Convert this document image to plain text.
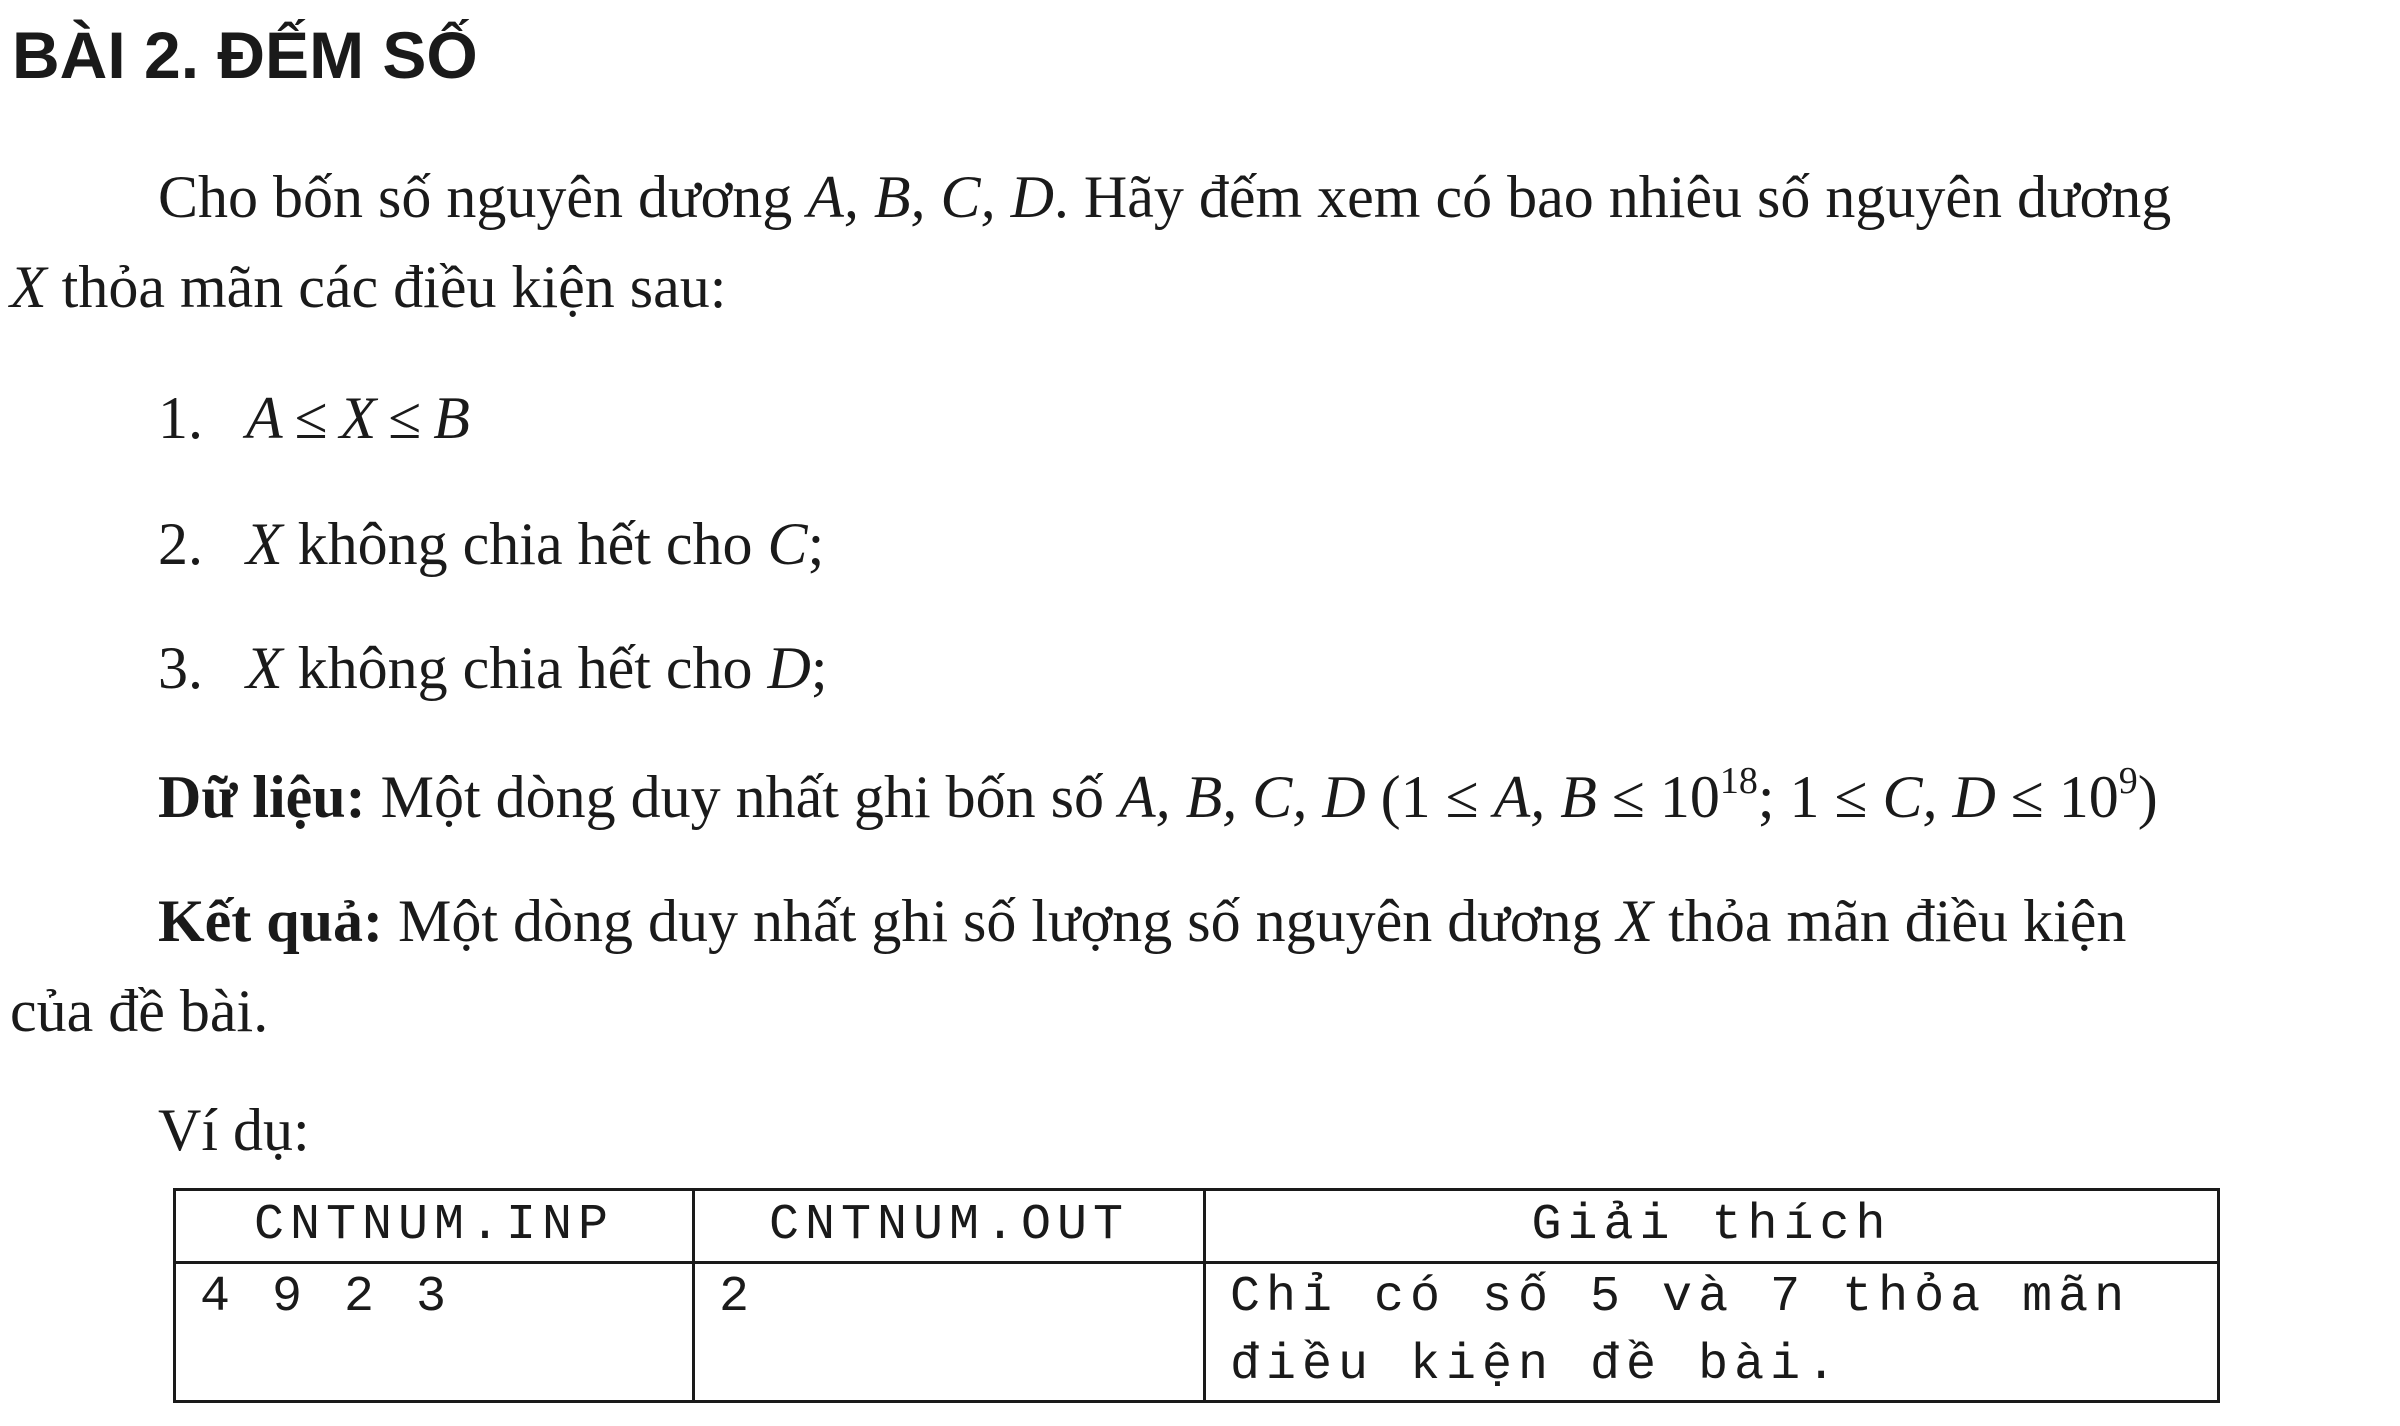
BÀI 2. ĐẾM SỐ
Cho bốn số nguyên dương A, B, C, D. Hãy đếm xem có bao nhiêu số nguyên dương
X thỏa mãn các điều kiện sau:
1. A ≤ X ≤ B
2. X không chia hết cho C;
3. X không chia hết cho D;
Dữ liệu: Một dòng duy nhất ghi bốn số A, B, C, D (1 ≤ A, $B \le 10^{18}$; 1 ≤ C, $D \le 10^9$)
Kết quả: Một dòng duy nhất ghi số lượng số nguyên dương X thỏa mãn điều kiện
của đề bài.
Ví dụ:
CNTNUM.INP	CNTNUM.OUT	Giải thích
4 9 2 3	2	Chỉ có số 5 và 7 thỏa mãn
điều kiện đề bài.
